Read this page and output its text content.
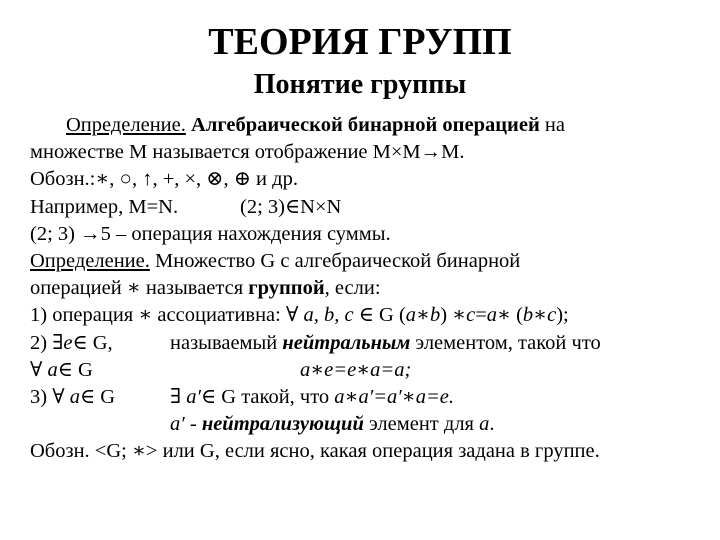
ТЕОРИЯ ГРУПП
Понятие группы
Определение. Алгебраической бинарной операцией на
множестве M называется отображение M×M→M.
Обозн.:∗, ○, ↑, +, ×, ⊗, ⊕ и др.
Например, M=N.	(2; 3)∈N×N
(2; 3) →5 – операция нахождения суммы.
Определение. Множество G с алгебраической бинарной
операцией ∗ называется группой, если:
1) операция ∗ ассоциативна: ∀ a, b, c ∈ G (a∗b) ∗c=a∗ (b∗c);
2) ∃e∈ G,	называемый нейтральным элементом, такой что
∀ a∈ G	a∗e=e∗a=a;
3) ∀ a∈ G	∃ a′∈ G такой, что a∗a′=a′∗a=e.
a′ - нейтрализующий элемент для a.
Обозн. <G; ∗> или G, если ясно, какая операция задана в группе.
